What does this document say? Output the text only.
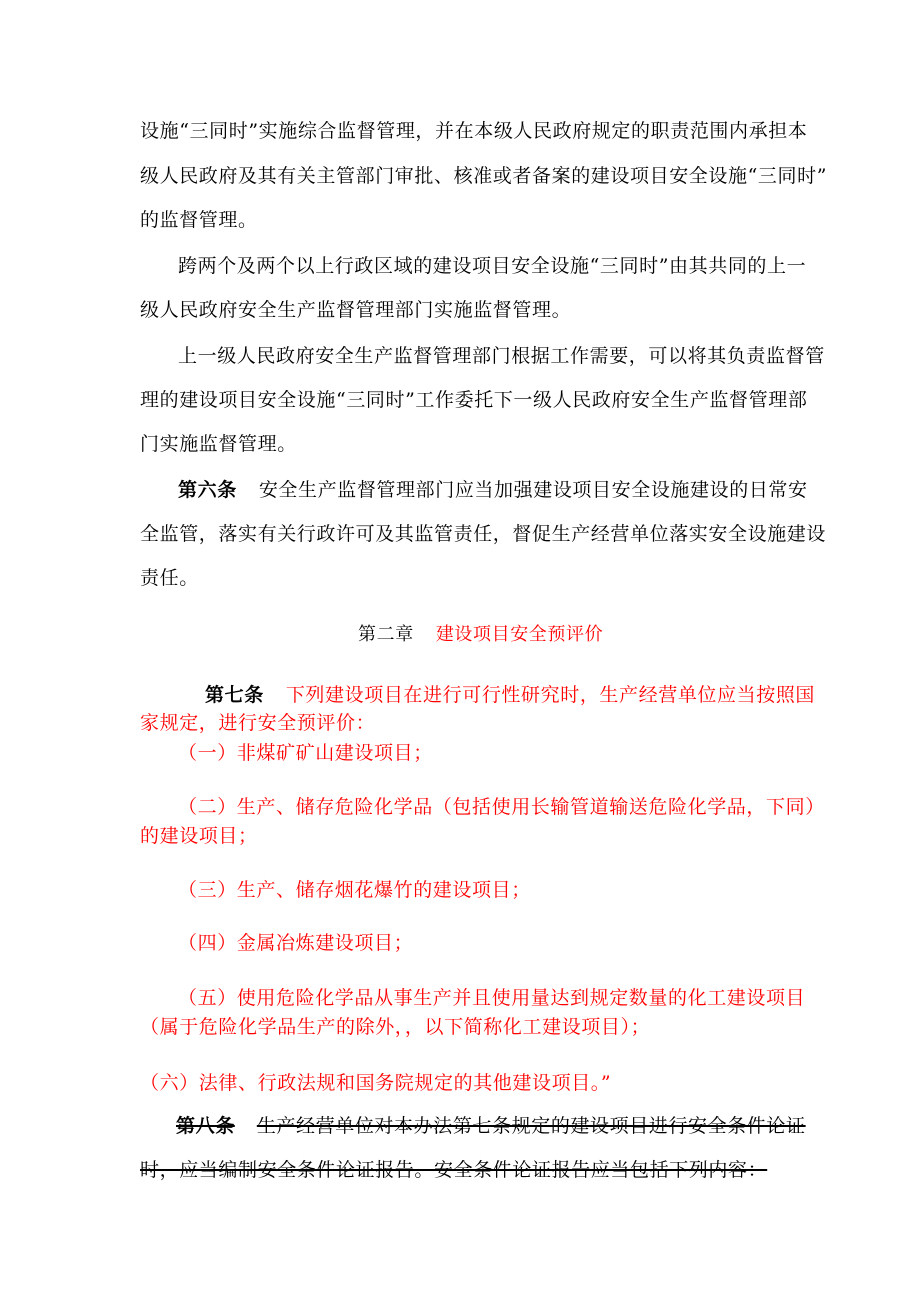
设施“三同时”实施综合监督管理，并在本级人民政府规定的职责范围内承担本
级人民政府及其有关主管部门审批、核准或者备案的建设项目安全设施“三同时”
的监督管理。
跨两个及两个以上行政区域的建设项目安全设施“三同时”由其共同的上一
级人民政府安全生产监督管理部门实施监督管理。
上一级人民政府安全生产监督管理部门根据工作需要，可以将其负责监督管
理的建设项目安全设施“三同时”工作委托下一级人民政府安全生产监督管理部
门实施监督管理。
第六条 安全生产监督管理部门应当加强建设项目安全设施建设的日常安
全监管，落实有关行政许可及其监管责任，督促生产经营单位落实安全设施建设
责任。
第二章 建设项目安全预评价
第七条 下列建设项目在进行可行性研究时，生产经营单位应当按照国
家规定，进行安全预评价：
（一）非煤矿矿山建设项目；
（二）生产、储存危险化学品（包括使用长输管道输送危险化学品，下同）
的建设项目；
（三）生产、储存烟花爆竹的建设项目；
（四）金属冶炼建设项目；
（五）使用危险化学品从事生产并且使用量达到规定数量的化工建设项目
（属于危险化学品生产的除外，，以下简称化工建设项目）；
（六）法律、行政法规和国务院规定的其他建设项目。”
第八条 生产经营单位对本办法第七条规定的建设项目进行安全条件论证
时，应当编制安全条件论证报告。安全条件论证报告应当包括下列内容：
